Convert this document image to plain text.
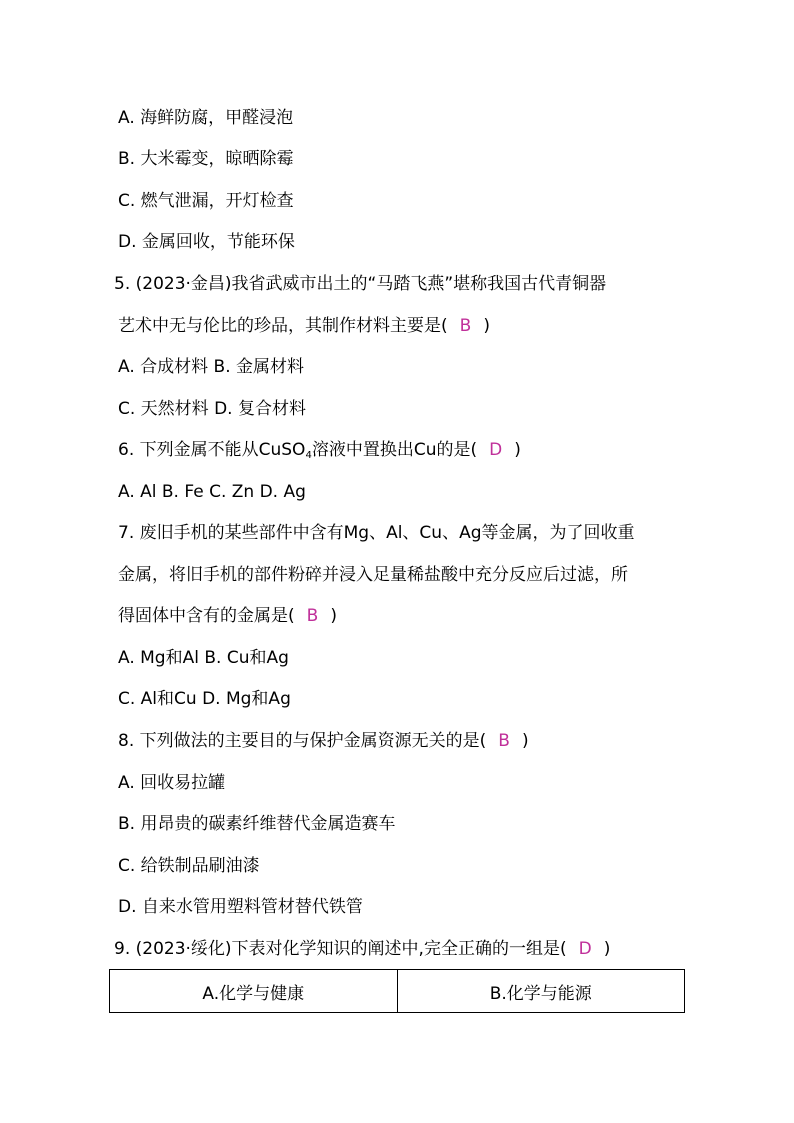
A. 海鲜防腐，甲醛浸泡
B. 大米霉变，晾晒除霉
C. 燃气泄漏，开灯检查
D. 金属回收，节能环保
5. (2023·金昌)我省武威市出土的“马踏飞燕”堪称我国古代青铜器
艺术中无与伦比的珍品，其制作材料主要是( B )
A. 合成材料 B. 金属材料
C. 天然材料 D. 复合材料
6. 下列金属不能从CuSO$_4$溶液中置换出Cu的是( D )
A. Al B. Fe C. Zn D. Ag
7. 废旧手机的某些部件中含有Mg、Al、Cu、Ag等金属，为了回收重
金属，将旧手机的部件粉碎并浸入足量稀盐酸中充分反应后过滤，所
得固体中含有的金属是( B )
A. Mg和Al B. Cu和Ag
C. Al和Cu D. Mg和Ag
8. 下列做法的主要目的与保护金属资源无关的是( B )
A. 回收易拉罐
B. 用昂贵的碳素纤维替代金属造赛车
C. 给铁制品刷油漆
D. 自来水管用塑料管材替代铁管
9. (2023·绥化)下表对化学知识的阐述中,完全正确的一组是( D )
A.化学与健康	B.化学与能源
